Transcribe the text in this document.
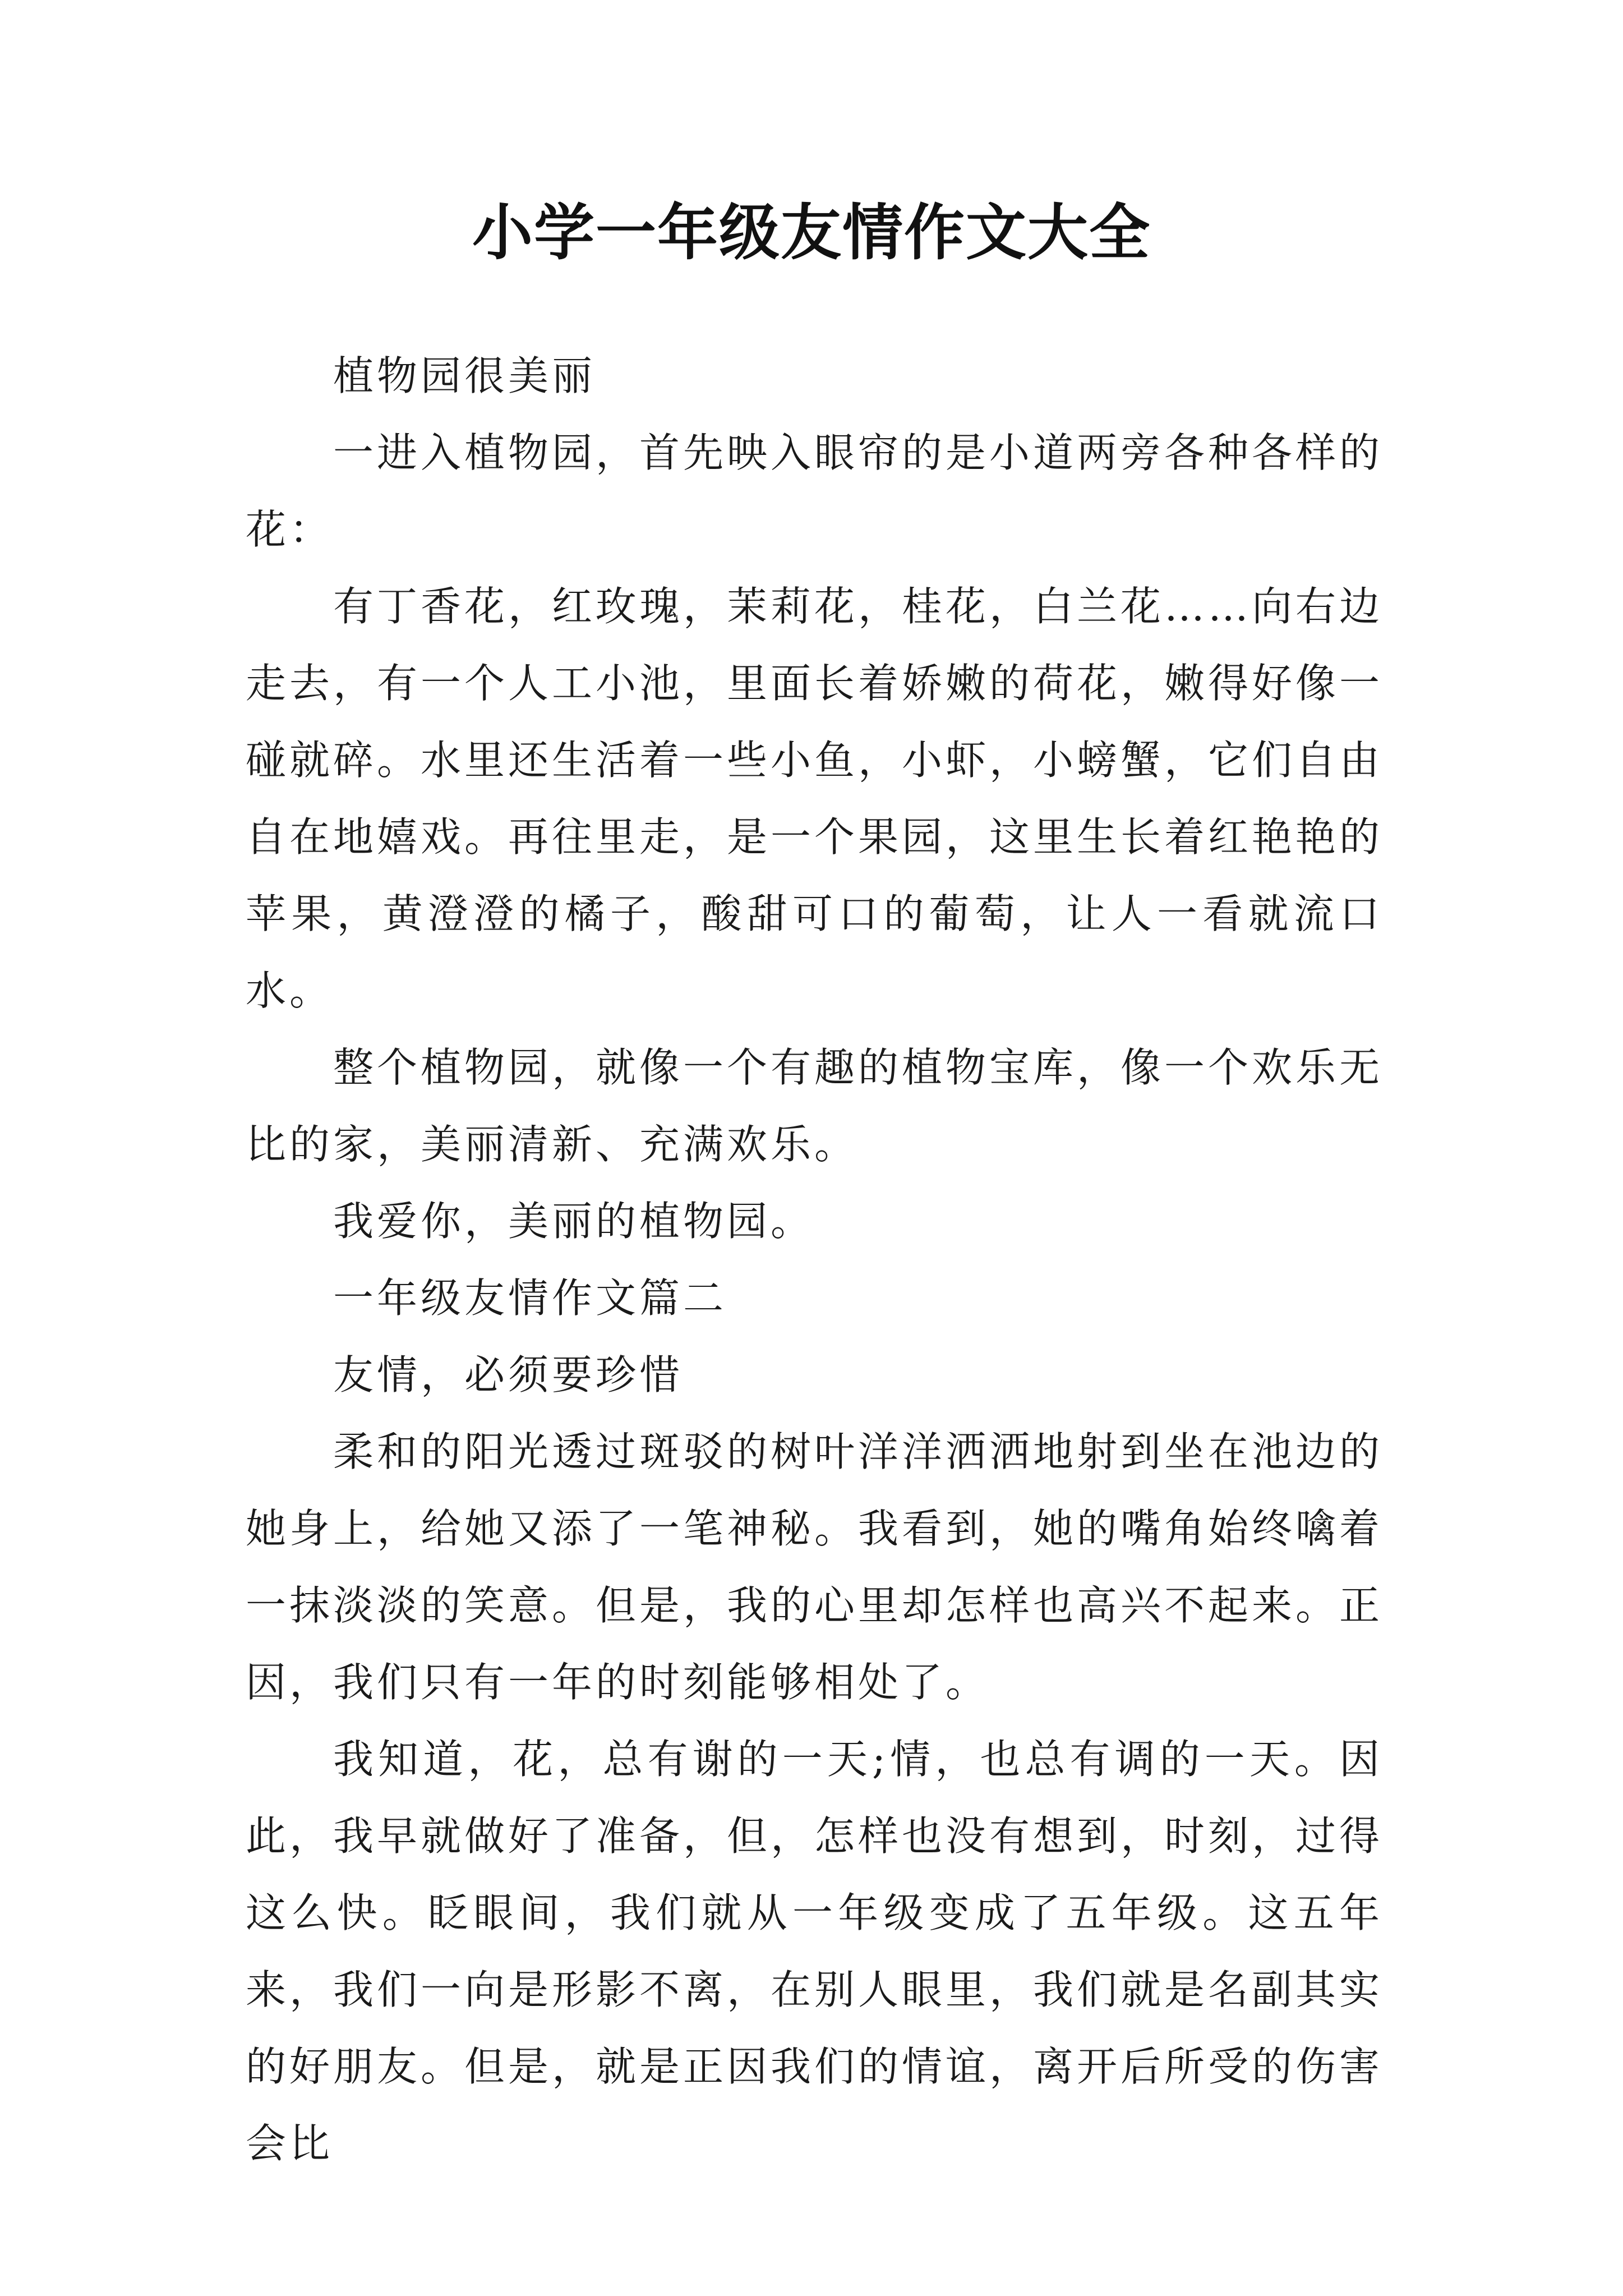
小学一年级友情作文大全

植物园很美丽

一进入植物园，首先映入眼帘的是小道两旁各种各样的花：

有丁香花，红玫瑰，茉莉花，桂花，白兰花……向右边走去，有一个人工小池，里面长着娇嫩的荷花，嫩得好像一碰就碎。水里还生活着一些小鱼，小虾，小螃蟹，它们自由自在地嬉戏。再往里走，是一个果园，这里生长着红艳艳的苹果，黄澄澄的橘子，酸甜可口的葡萄，让人一看就流口水。

整个植物园，就像一个有趣的植物宝库，像一个欢乐无比的家，美丽清新、充满欢乐。

我爱你，美丽的植物园。

一年级友情作文篇二

友情，必须要珍惜

柔和的阳光透过斑驳的树叶洋洋洒洒地射到坐在池边的她身上，给她又添了一笔神秘。我看到，她的嘴角始终噙着一抹淡淡的笑意。但是，我的心里却怎样也高兴不起来。正因，我们只有一年的时刻能够相处了。

我知道，花，总有谢的一天;情，也总有调的一天。因此，我早就做好了准备，但，怎样也没有想到，时刻，过得这么快。眨眼间，我们就从一年级变成了五年级。这五年来，我们一向是形影不离，在别人眼里，我们就是名副其实的好朋友。但是，就是正因我们的情谊，离开后所受的伤害会比
